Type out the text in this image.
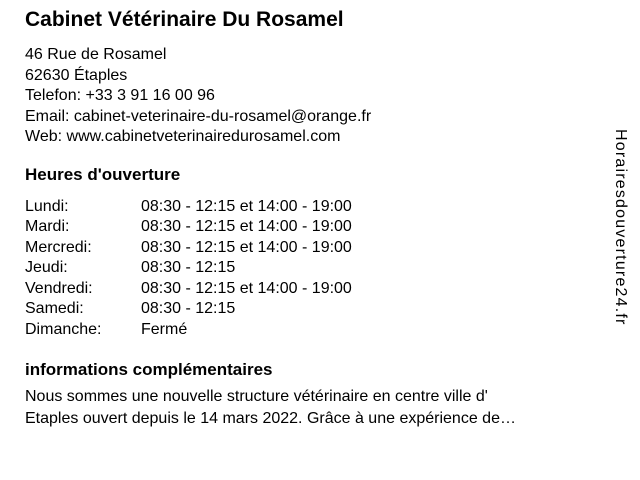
Cabinet Vétérinaire Du Rosamel
46 Rue de Rosamel
62630 Étaples
Telefon: +33 3 91 16 00 96
Email: cabinet-veterinaire-du-rosamel@orange.fr
Web: www.cabinetveterinairedurosamel.com
Heures d'ouverture
Lundi:	08:30 - 12:15 et 14:00 - 19:00
Mardi:	08:30 - 12:15 et 14:00 - 19:00
Mercredi:	08:30 - 12:15 et 14:00 - 19:00
Jeudi:	08:30 - 12:15
Vendredi:	08:30 - 12:15 et 14:00 - 19:00
Samedi:	08:30 - 12:15
Dimanche:	Fermé
informations complémentaires
Nous sommes une nouvelle structure vétérinaire en centre ville d'
Etaples ouvert depuis le 14 mars 2022. Grâce à une expérience de…
Horairesdouverture24.fr
